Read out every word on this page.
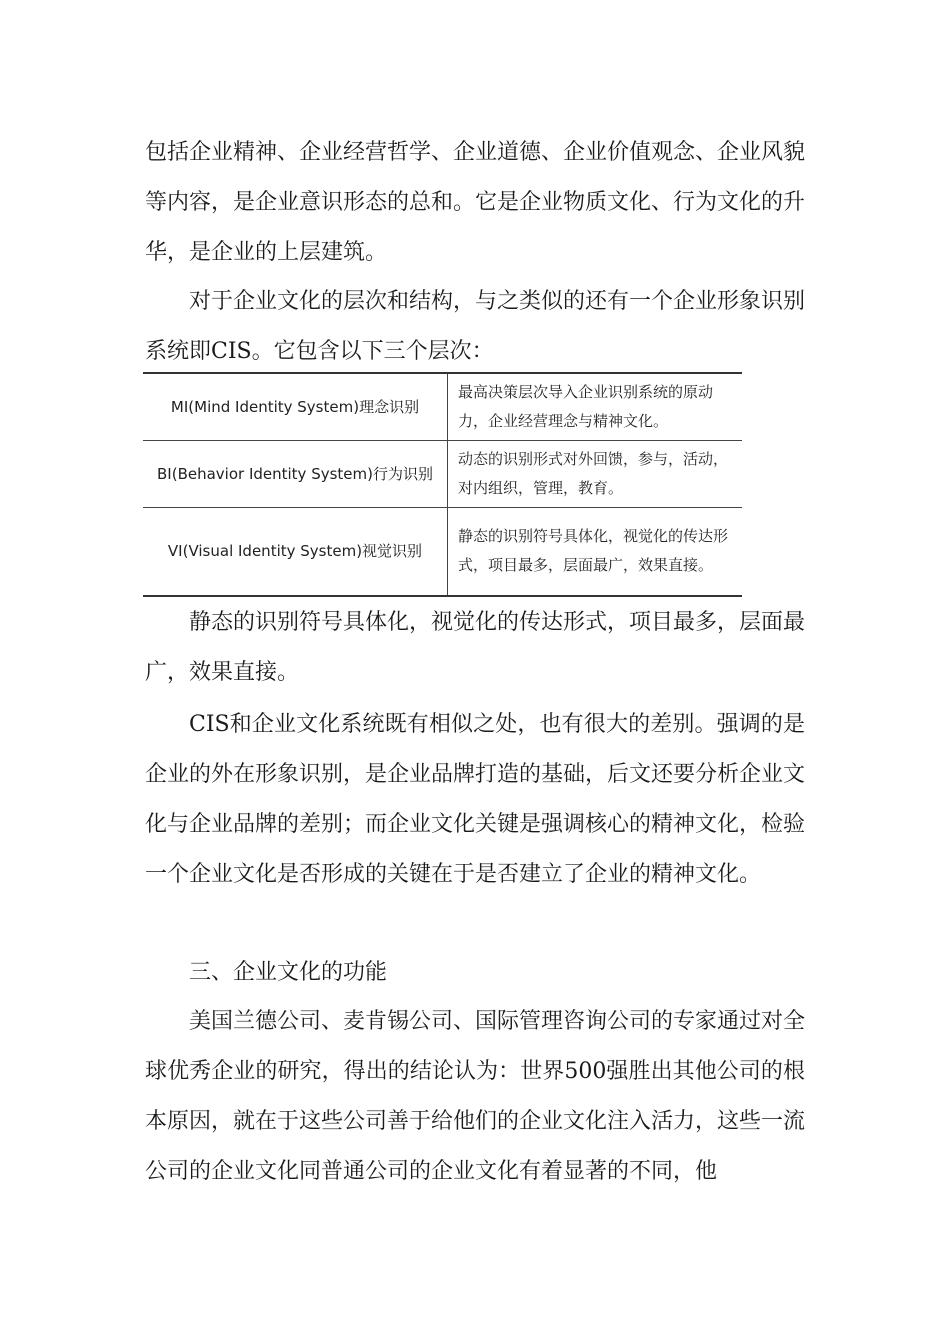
包括企业精神、企业经营哲学、企业道德、企业价值观念、企业风貌等内容，是企业意识形态的总和。它是企业物质文化、行为文化的升华，是企业的上层建筑。

对于企业文化的层次和结构，与之类似的还有一个企业形象识别系统即CIS。它包含以下三个层次：

MI(Mind Identity System)理念识别	最高决策层次导入企业识别系统的原动力，企业经营理念与精神文化。
BI(Behavior Identity System)行为识别	动态的识别形式对外回馈，参与，活动，对内组织，管理，教育。
VI(Visual Identity System)视觉识别	静态的识别符号具体化，视觉化的传达形式，项目最多，层面最广，效果直接。

静态的识别符号具体化，视觉化的传达形式，项目最多，层面最广，效果直接。

CIS和企业文化系统既有相似之处，也有很大的差别。强调的是企业的外在形象识别，是企业品牌打造的基础，后文还要分析企业文化与企业品牌的差别；而企业文化关键是强调核心的精神文化，检验一个企业文化是否形成的关键在于是否建立了企业的精神文化。

三、企业文化的功能

美国兰德公司、麦肯锡公司、国际管理咨询公司的专家通过对全球优秀企业的研究，得出的结论认为：世界500强胜出其他公司的根本原因，就在于这些公司善于给他们的企业文化注入活力，这些一流公司的企业文化同普通公司的企业文化有着显著的不同，他
